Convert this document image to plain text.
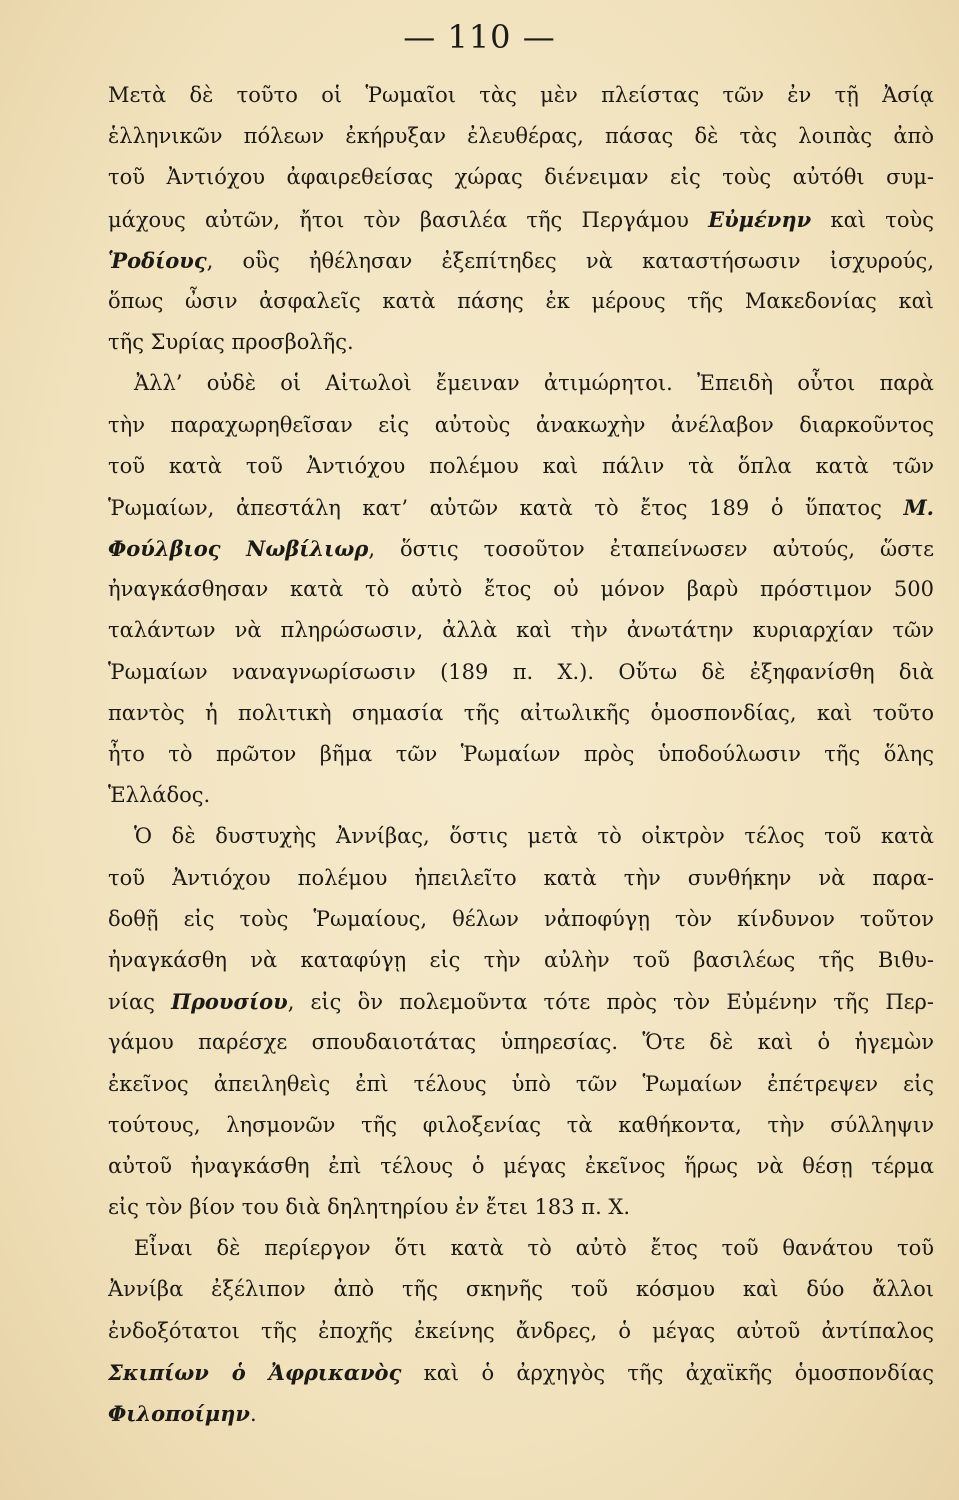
— 110 —
Μετὰ δὲ τοῦτο οἱ Ῥωμαῖοι τὰς μὲν πλείστας τῶν ἐν τῇ Ἀσίᾳ
ἑλληνικῶν πόλεων ἐκήρυξαν ἐλευθέρας, πάσας δὲ τὰς λοιπὰς ἀπὸ
τοῦ Ἀντιόχου ἀφαιρεθείσας χώρας διένειμαν εἰς τοὺς αὐτόθι συμ-
μάχους αὐτῶν, ἤτοι τὸν βασιλέα τῆς Περγάμου Εὐμένην καὶ τοὺς
Ῥοδίους, οὓς ἠθέλησαν ἐξεπίτηδες νὰ καταστήσωσιν ἰσχυρούς,
ὅπως ὦσιν ἀσφαλεῖς κατὰ πάσης ἐκ μέρους τῆς Μακεδονίας καὶ
τῆς Συρίας προσβολῆς.
Ἀλλ’ οὐδὲ οἱ Αἰτωλοὶ ἔμειναν ἀτιμώρητοι. Ἐπειδὴ οὗτοι παρὰ
τὴν παραχωρηθεῖσαν εἰς αὐτοὺς ἀνακωχὴν ἀνέλαβον διαρκοῦντος
τοῦ κατὰ τοῦ Ἀντιόχου πολέμου καὶ πάλιν τὰ ὅπλα κατὰ τῶν
Ῥωμαίων, ἀπεστάλη κατ’ αὐτῶν κατὰ τὸ ἔτος 189 ὁ ὕπατος Μ.
Φούλβιος Νωβίλιωρ, ὅστις τοσοῦτον ἐταπείνωσεν αὐτούς, ὥστε
ἠναγκάσθησαν κατὰ τὸ αὐτὸ ἔτος οὐ μόνον βαρὺ πρόστιμον 500
ταλάντων νὰ πληρώσωσιν, ἀλλὰ καὶ τὴν ἀνωτάτην κυριαρχίαν τῶν
Ῥωμαίων ναναγνωρίσωσιν (189 π. Χ.). Οὕτω δὲ ἐξηφανίσθη διὰ
παντὸς ἡ πολιτικὴ σημασία τῆς αἰτωλικῆς ὁμοσπονδίας, καὶ τοῦτο
ἦτο τὸ πρῶτον βῆμα τῶν Ῥωμαίων πρὸς ὑποδούλωσιν τῆς ὅλης
Ἑλλάδος.
Ὁ δὲ δυστυχὴς Ἀννίβας, ὅστις μετὰ τὸ οἰκτρὸν τέλος τοῦ κατὰ
τοῦ Ἀντιόχου πολέμου ἠπειλεῖτο κατὰ τὴν συνθήκην νὰ παρα-
δοθῇ εἰς τοὺς Ῥωμαίους, θέλων νἀποφύγῃ τὸν κίνδυνον τοῦτον
ἠναγκάσθη νὰ καταφύγῃ εἰς τὴν αὐλὴν τοῦ βασιλέως τῆς Βιθυ-
νίας Προυσίου, εἰς ὃν πολεμοῦντα τότε πρὸς τὸν Εὐμένην τῆς Περ-
γάμου παρέσχε σπουδαιοτάτας ὑπηρεσίας. Ὅτε δὲ καὶ ὁ ἡγεμὼν
ἐκεῖνος ἀπειληθεὶς ἐπὶ τέλους ὑπὸ τῶν Ῥωμαίων ἐπέτρεψεν εἰς
τούτους, λησμονῶν τῆς φιλοξενίας τὰ καθήκοντα, τὴν σύλληψιν
αὐτοῦ ἠναγκάσθη ἐπὶ τέλους ὁ μέγας ἐκεῖνος ἥρως νὰ θέσῃ τέρμα
εἰς τὸν βίον του διὰ δηλητηρίου ἐν ἔτει 183 π. Χ.
Εἶναι δὲ περίεργον ὅτι κατὰ τὸ αὐτὸ ἔτος τοῦ θανάτου τοῦ
Ἀννίβα ἐξέλιπον ἀπὸ τῆς σκηνῆς τοῦ κόσμου καὶ δύο ἄλλοι
ἐνδοξότατοι τῆς ἐποχῆς ἐκείνης ἄνδρες, ὁ μέγας αὐτοῦ ἀντίπαλος
Σκιπίων ὁ Ἀφρικανὸς καὶ ὁ ἀρχηγὸς τῆς ἀχαϊκῆς ὁμοσπονδίας
Φιλοποίμην.
